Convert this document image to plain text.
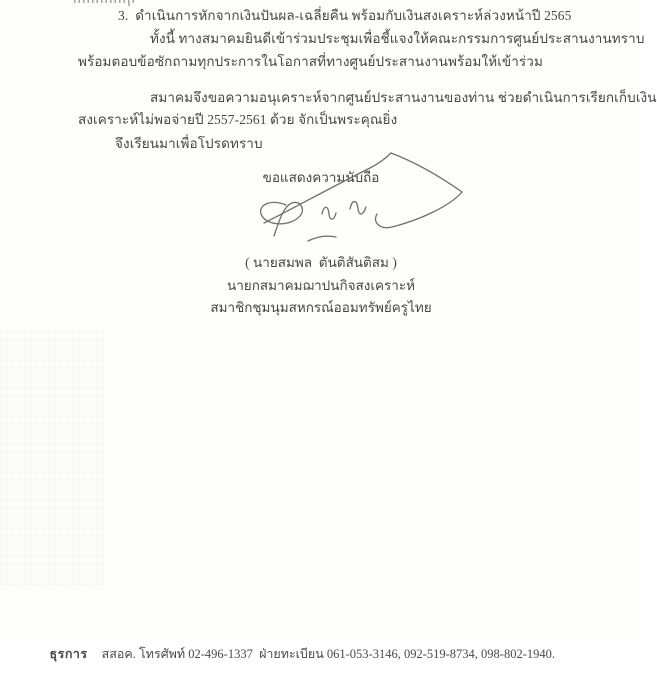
3.  ดำเนินการหักจากเงินปันผล-เฉลี่ยคืน พร้อมกับเงินสงเคราะห์ล่วงหน้าปี 2565
ทั้งนี้ ทางสมาคมยินดีเข้าร่วมประชุมเพื่อชี้แจงให้คณะกรรมการศูนย์ประสานงานทราบ
พร้อมตอบข้อซักถามทุกประการในโอกาสที่ทางศูนย์ประสานงานพร้อมให้เข้าร่วม
สมาคมจึงขอความอนุเคราะห์จากศูนย์ประสานงานของท่าน ช่วยดำเนินการเรียกเก็บเงิน
สงเคราะห์ไม่พอจ่ายปี 2557-2561 ด้วย จักเป็นพระคุณยิ่ง
จึงเรียนมาเพื่อโปรดทราบ
ขอแสดงความนับถือ
( นายสมพล  ตันติสันติสม )
นายกสมาคมฌาปนกิจสงเคราะห์
สมาชิกชุมนุมสหกรณ์ออมทรัพย์ครูไทย

ธุรการ สสอค. โทรศัพท์ 02-496-1337  ฝ่ายทะเบียน 061-053-3146, 092-519-8734, 098-802-1940.
